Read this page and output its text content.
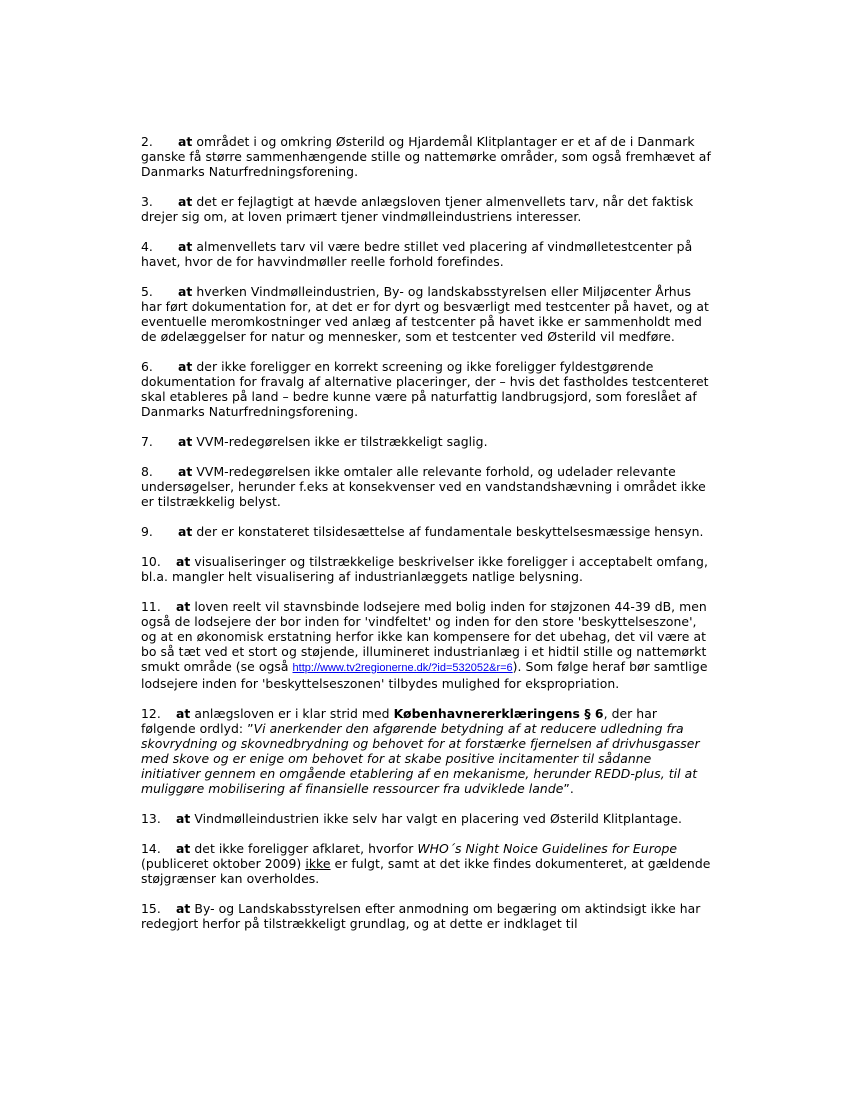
2. at området i og omkring Østerild og Hjardemål Klitplantager er et af de i Danmark ganske få større sammenhængende stille og nattemørke områder, som også fremhævet af Danmarks Naturfredningsforening.

3. at det er fejlagtigt at hævde anlægsloven tjener almenvellets tarv, når det faktisk drejer sig om, at loven primært tjener vindmølleindustriens interesser.

4. at almenvellets tarv vil være bedre stillet ved placering af vindmølletestcenter på havet, hvor de for havvindmøller reelle forhold forefindes.

5. at hverken Vindmølleindustrien, By- og landskabsstyrelsen eller Miljøcenter Århus har ført dokumentation for, at det er for dyrt og besværligt med testcenter på havet, og at eventuelle meromkostninger ved anlæg af testcenter på havet ikke er sammenholdt med de ødelæggelser for natur og mennesker, som et testcenter ved Østerild vil medføre.

6. at der ikke foreligger en korrekt screening og ikke foreligger fyldestgørende dokumentation for fravalg af alternative placeringer, der – hvis det fastholdes testcenteret skal etableres på land – bedre kunne være på naturfattig landbrugsjord, som foreslået af Danmarks Naturfredningsforening.

7. at VVM-redegørelsen ikke er tilstrækkeligt saglig.

8. at VVM-redegørelsen ikke omtaler alle relevante forhold, og udelader relevante undersøgelser, herunder f.eks at konsekvenser ved en vandstandshævning i området ikke er tilstrækkelig belyst.

9. at der er konstateret tilsidesættelse af fundamentale beskyttelsesmæssige hensyn.

10. at visualiseringer og tilstrækkelige beskrivelser ikke foreligger i acceptabelt omfang, bl.a. mangler helt visualisering af industrianlæggets natlige belysning.

11. at loven reelt vil stavnsbinde lodsejere med bolig inden for støjzonen 44-39 dB, men også de lodsejere der bor inden for 'vindfeltet' og inden for den store 'beskyttelseszone', og at en økonomisk erstatning herfor ikke kan kompensere for det ubehag, det vil være at bo så tæt ved et stort og støjende, illumineret industrianlæg i et hidtil stille og nattemørkt smukt område (se også http://www.tv2regionerne.dk/?id=532052&r=6). Som følge heraf bør samtlige lodsejere inden for 'beskyttelseszonen' tilbydes mulighed for ekspropriation.

12. at anlægsloven er i klar strid med Københavnererklæringens § 6, der har følgende ordlyd: ”Vi anerkender den afgørende betydning af at reducere udledning fra skovrydning og skovnedbrydning og behovet for at forstærke fjernelsen af drivhusgasser med skove og er enige om behovet for at skabe positive incitamenter til sådanne initiativer gennem en omgående etablering af en mekanisme, herunder REDD-plus, til at muliggøre mobilisering af finansielle ressourcer fra udviklede lande”.

13. at Vindmølleindustrien ikke selv har valgt en placering ved Østerild Klitplantage.

14. at det ikke foreligger afklaret, hvorfor WHO´s Night Noice Guidelines for Europe (publiceret oktober 2009) ikke er fulgt, samt at det ikke findes dokumenteret, at gældende støjgrænser kan overholdes.

15. at By- og Landskabsstyrelsen efter anmodning om begæring om aktindsigt ikke har redegjort herfor på tilstrækkeligt grundlag, og at dette er indklaget til
